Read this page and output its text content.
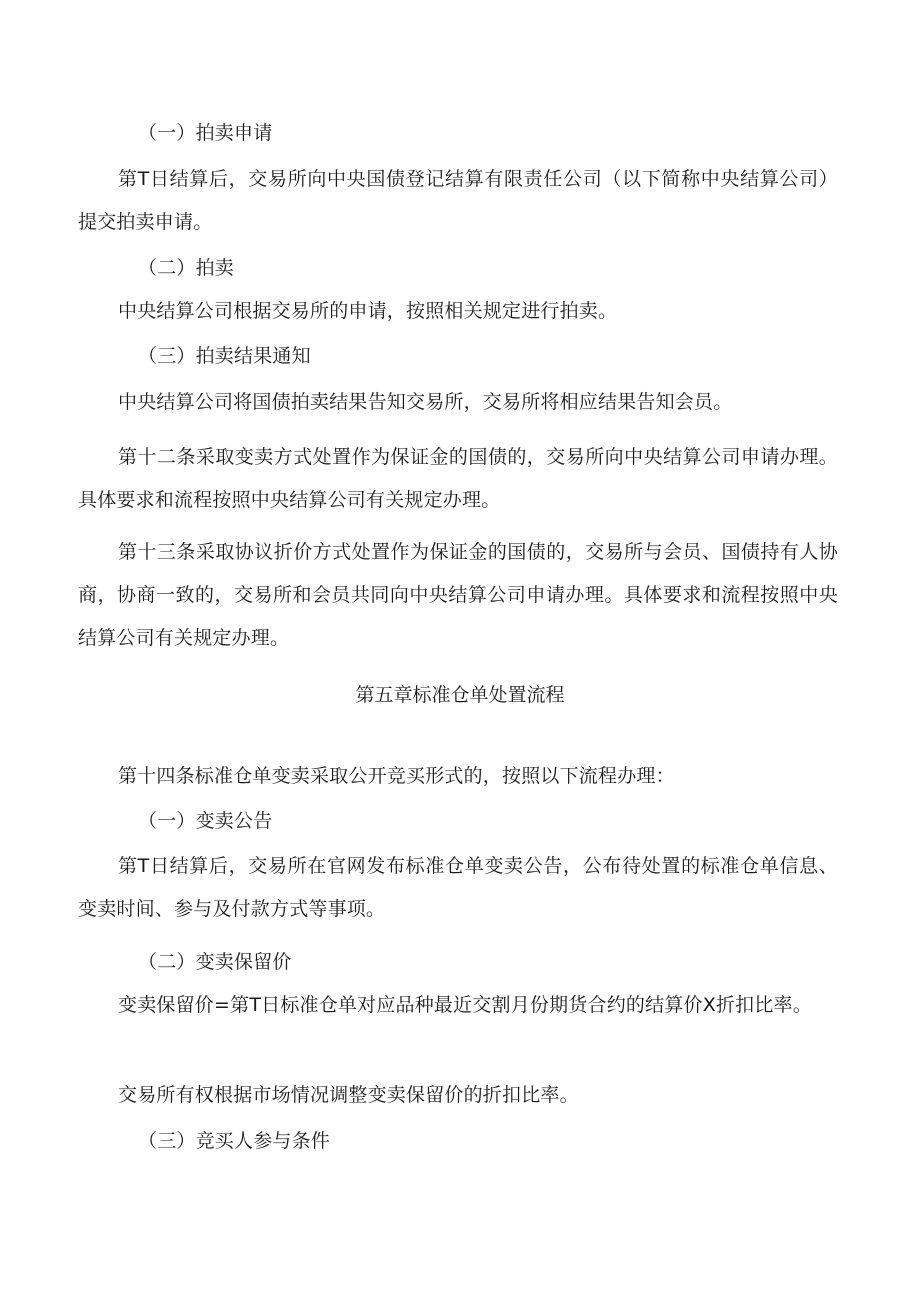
（一）拍卖申请
第T日结算后，交易所向中央国债登记结算有限责任公司（以下简称中央结算公司）提交拍卖申请。
（二）拍卖
中央结算公司根据交易所的申请，按照相关规定进行拍卖。
（三）拍卖结果通知
中央结算公司将国债拍卖结果告知交易所，交易所将相应结果告知会员。
第十二条采取变卖方式处置作为保证金的国债的，交易所向中央结算公司申请办理。具体要求和流程按照中央结算公司有关规定办理。
第十三条采取协议折价方式处置作为保证金的国债的，交易所与会员、国债持有人协商，协商一致的，交易所和会员共同向中央结算公司申请办理。具体要求和流程按照中央结算公司有关规定办理。
第五章标准仓单处置流程
第十四条标准仓单变卖采取公开竞买形式的，按照以下流程办理：
（一）变卖公告
第T日结算后，交易所在官网发布标准仓单变卖公告，公布待处置的标准仓单信息、变卖时间、参与及付款方式等事项。
（二）变卖保留价
变卖保留价=第T日标准仓单对应品种最近交割月份期货合约的结算价X折扣比率。
交易所有权根据市场情况调整变卖保留价的折扣比率。
（三）竞买人参与条件
